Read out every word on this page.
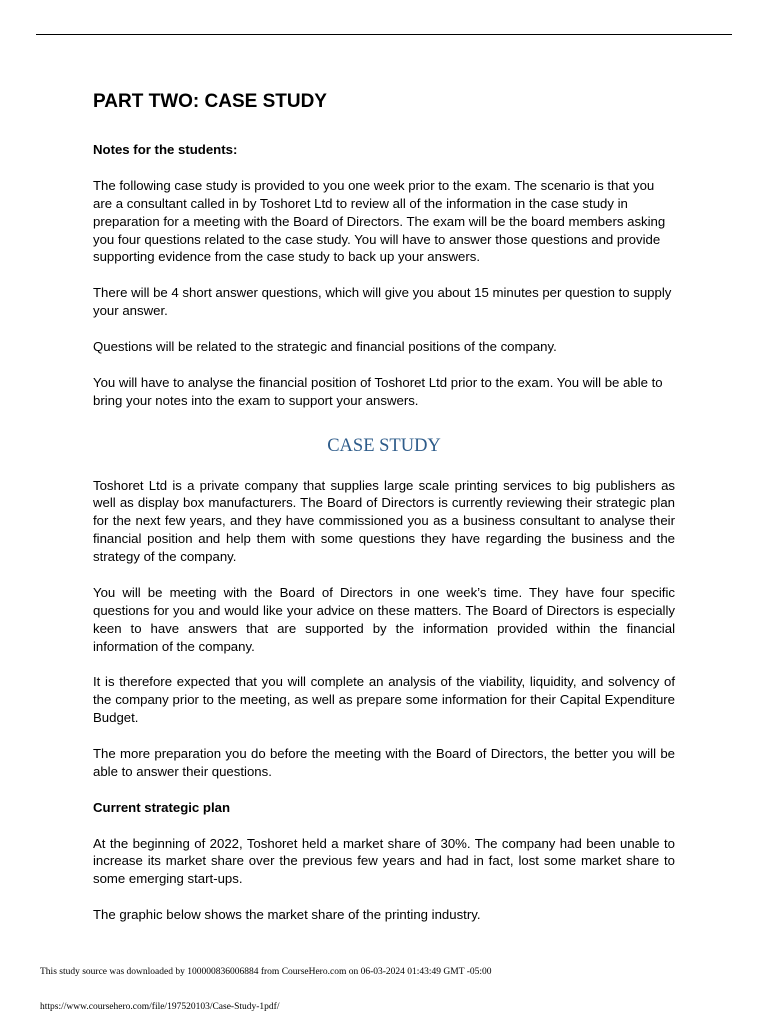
PART TWO: CASE STUDY
Notes for the students:

The following case study is provided to you one week prior to the exam. The scenario is that you are a consultant called in by Toshoret Ltd to review all of the information in the case study in preparation for a meeting with the Board of Directors. The exam will be the board members asking you four questions related to the case study. You will have to answer those questions and provide supporting evidence from the case study to back up your answers.

There will be 4 short answer questions, which will give you about 15 minutes per question to supply your answer.

Questions will be related to the strategic and financial positions of the company.

You will have to analyse the financial position of Toshoret Ltd prior to the exam. You will be able to bring your notes into the exam to support your answers.

CASE STUDY

Toshoret Ltd is a private company that supplies large scale printing services to big publishers as well as display box manufacturers. The Board of Directors is currently reviewing their strategic plan for the next few years, and they have commissioned you as a business consultant to analyse their financial position and help them with some questions they have regarding the business and the strategy of the company.

You will be meeting with the Board of Directors in one week’s time. They have four specific questions for you and would like your advice on these matters. The Board of Directors is especially keen to have answers that are supported by the information provided within the financial information of the company.

It is therefore expected that you will complete an analysis of the viability, liquidity, and solvency of the company prior to the meeting, as well as prepare some information for their Capital Expenditure Budget.

The more preparation you do before the meeting with the Board of Directors, the better you will be able to answer their questions.

Current strategic plan

At the beginning of 2022, Toshoret held a market share of 30%. The company had been unable to increase its market share over the previous few years and had in fact, lost some market share to some emerging start-ups.

The graphic below shows the market share of the printing industry.

This study source was downloaded by 100000836006884 from CourseHero.com on 06-03-2024 01:43:49 GMT -05:00
https://www.coursehero.com/file/197520103/Case-Study-1pdf/
